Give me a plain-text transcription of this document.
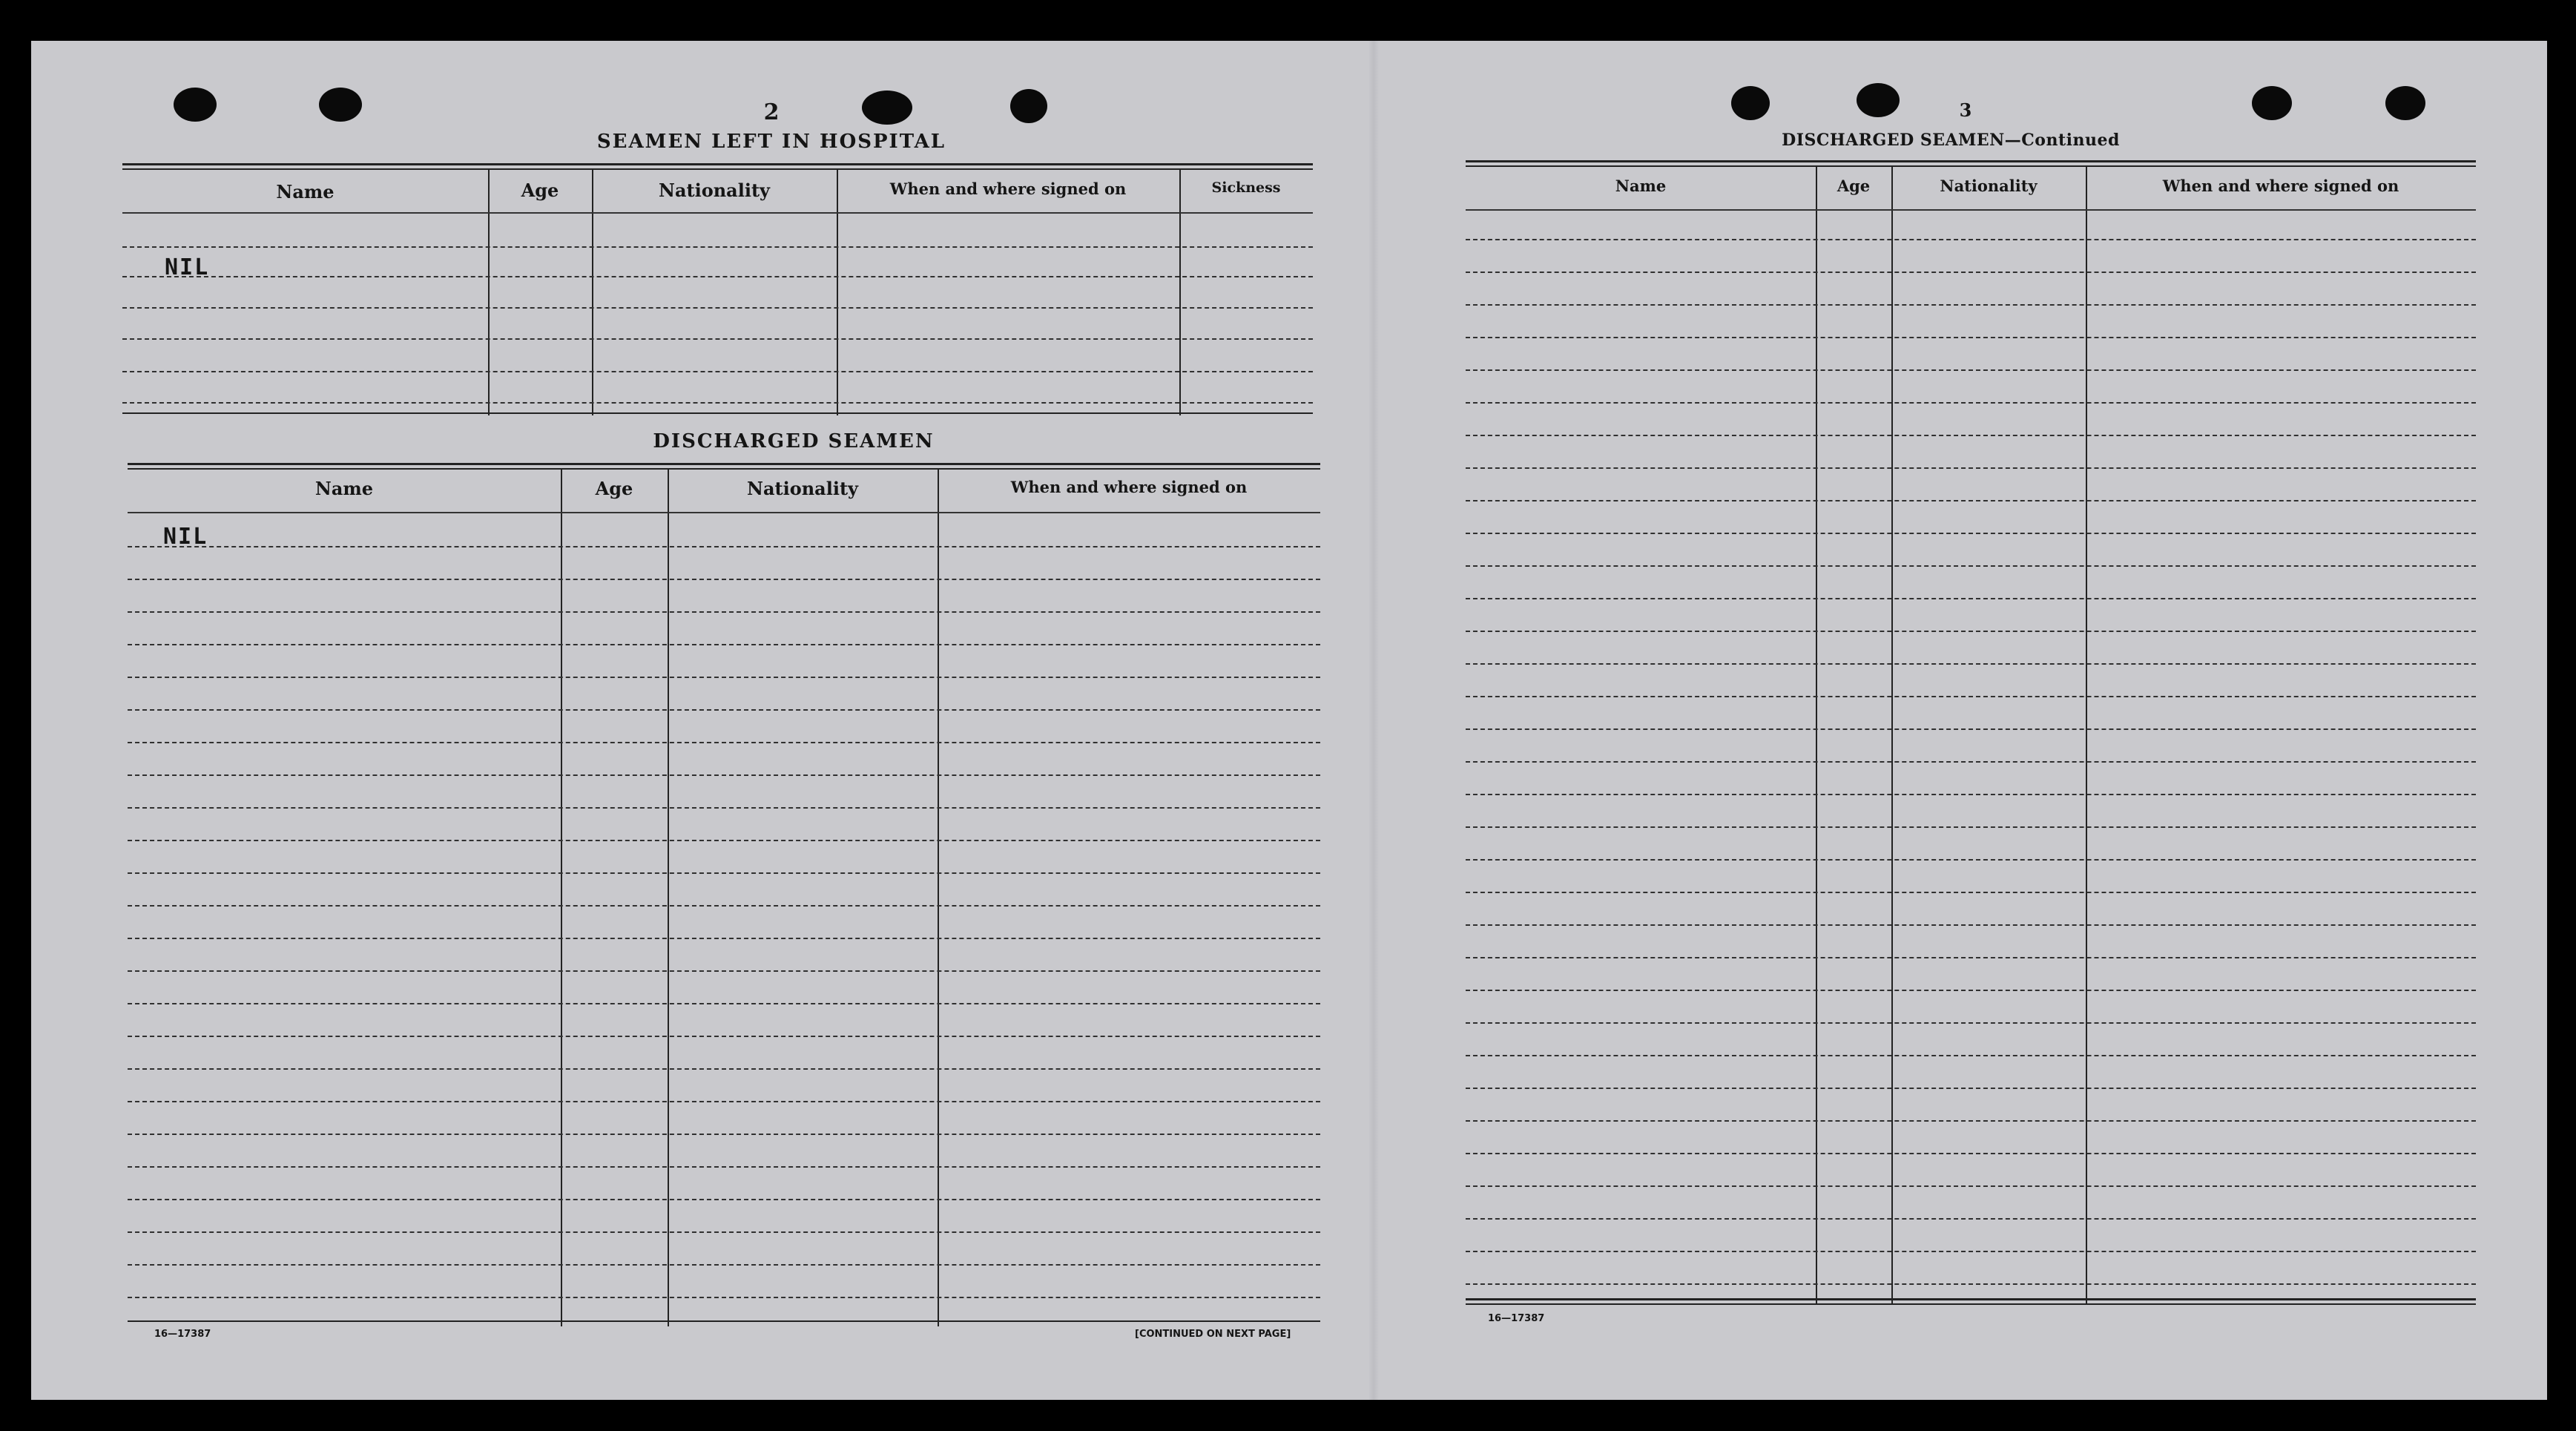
2
SEAMEN LEFT IN HOSPITAL
Name	Age	Nationality	When and where signed on	Sickness
NIL
DISCHARGED SEAMEN
Name	Age	Nationality	When and where signed on
NIL
16—17387	[CONTINUED ON NEXT PAGE]
3
DISCHARGED SEAMEN—Continued
Name	Age	Nationality	When and where signed on
16—17387
